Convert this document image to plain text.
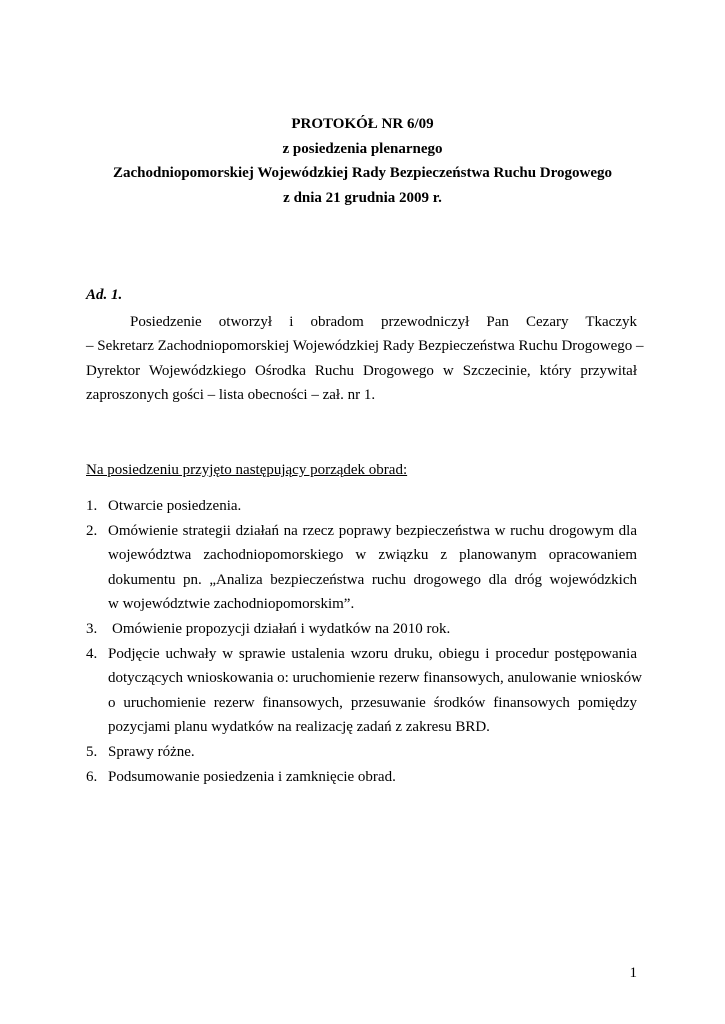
PROTOKÓŁ NR 6/09
z posiedzenia plenarnego
Zachodniopomorskiej Wojewódzkiej Rady Bezpieczeństwa Ruchu Drogowego
z dnia 21 grudnia 2009 r.
Ad. 1.
Posiedzenie otworzył i obradom przewodniczył Pan Cezary Tkaczyk
– Sekretarz Zachodniopomorskiej Wojewódzkiej Rady Bezpieczeństwa Ruchu Drogowego –
Dyrektor Wojewódzkiego Ośrodka Ruchu Drogowego w Szczecinie, który przywitał
zaproszonych gości – lista obecności – zał. nr 1.
Na posiedzeniu przyjęto następujący porządek obrad:
1. Otwarcie posiedzenia.
2. Omówienie strategii działań na rzecz poprawy bezpieczeństwa w ruchu drogowym dla
województwa zachodniopomorskiego w związku z planowanym opracowaniem
dokumentu pn. „Analiza bezpieczeństwa ruchu drogowego dla dróg wojewódzkich
w województwie zachodniopomorskim”.
3. Omówienie propozycji działań i wydatków na 2010 rok.
4. Podjęcie uchwały w sprawie ustalenia wzoru druku, obiegu i procedur postępowania
dotyczących wnioskowania o: uruchomienie rezerw finansowych, anulowanie wniosków
o uruchomienie rezerw finansowych, przesuwanie środków finansowych pomiędzy
pozycjami planu wydatków na realizację zadań z zakresu BRD.
5. Sprawy różne.
6. Podsumowanie posiedzenia i zamknięcie obrad.
1
